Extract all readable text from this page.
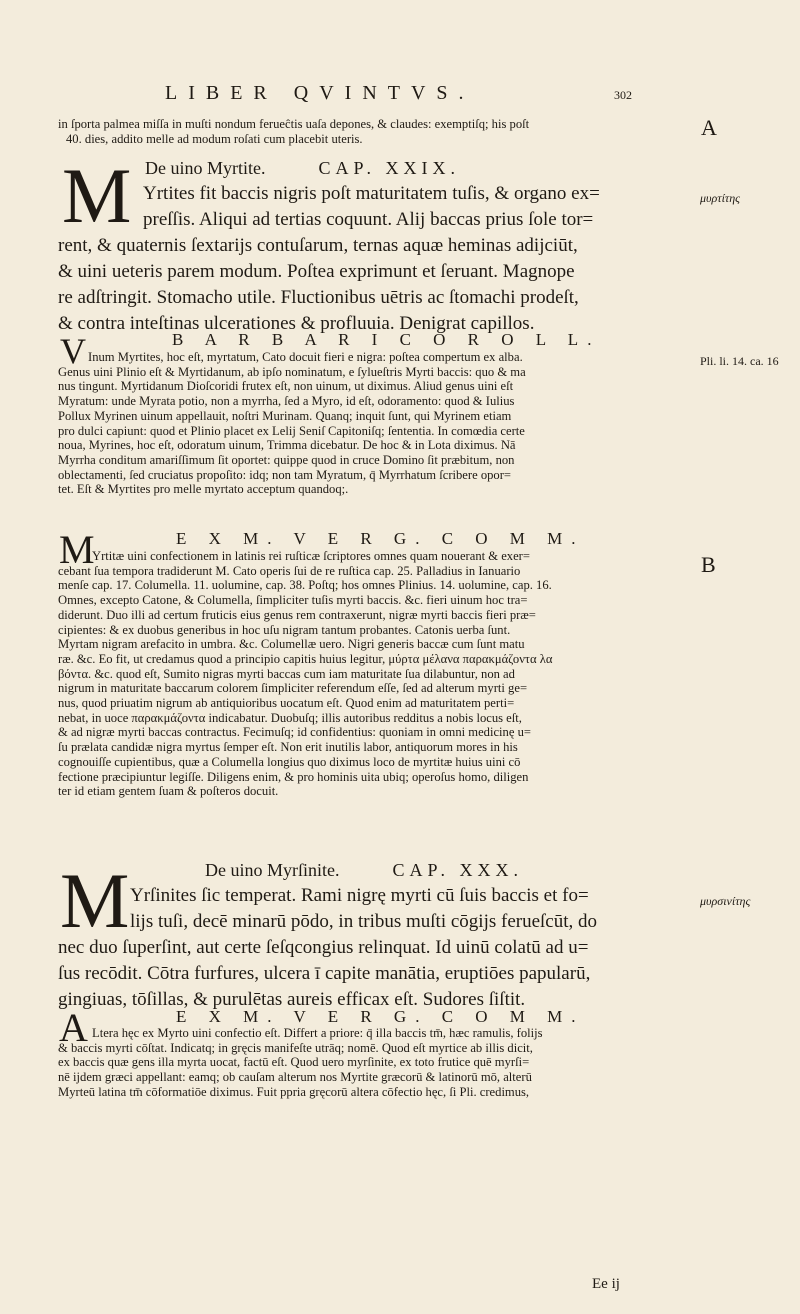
LIBER QVINTVS.	302
in ſporta palmea miſſa in muſti nondum ferueĉtis uaſa depones, & claudes: exemptiſq; his poſt
40. dies, addito melle ad modum roſati cum placebit uteris.
M De uino Myrtite.	CAP. XXIX.
Yrtites fit baccis nigris poſt maturitatem tuſis, & organo ex=
preſſis. Aliqui ad tertias coquunt. Alij baccas prius ſole tor=
rent, & quaternis ſextarijs contuſarum, ternas aquæ heminas adijciūt,
& uini ueteris parem modum. Poſtea exprimunt et ſeruant. Magnope
re adſtringit. Stomacho utile. Fluctionibus uētris ac ſtomachi prodeſt,
& contra inteſtinas ulcerationes & profluuia. Denigrat capillos.
V	B A R B A R I C O R O L L.
Inum Myrtites, hoc eſt, myrtatum, Cato docuit fieri e nigra: poſtea compertum ex alba.
Genus uini Plinio eſt & Myrtidanum, ab ipſo nominatum, e ſylueſtris Myrti baccis: quo & ma
nus tingunt. Myrtidanum Dioſcoridi frutex eſt, non uinum, ut diximus. Aliud genus uini eſt
Myratum: unde Myrata potio, non a myrrha, ſed a Myro, id eſt, odoramento: quod & Iulius
Pollux Myrinen uinum appellauit, noſtri Murinam. Quanq; inquit ſunt, qui Myrinem etiam
pro dulci capiunt: quod et Plinio placet ex Lelij Seniſ Capitoniſq; ſententia. In comœdia certe
noua, Myrines, hoc eſt, odoratum uinum, Trimma dicebatur. De hoc & in Lota diximus. Nā
Myrrha conditum amariſſimum ſit oportet: quippe quod in cruce Domino ſit præbitum, non
oblectamenti, ſed cruciatus propoſito: idq; non tam Myratum, q̄ Myrrhatum ſcribere opor=
tet. Eſt & Myrtites pro melle myrtato acceptum quandoq;.
M	E X M. V E R G. C O M M.
Yrtitæ uini confectionem in latinis rei ruſticæ ſcriptores omnes quam nouerant & exer=
cebant ſua tempora tradiderunt M. Cato operis ſui de re ruſtica cap. 25. Palladius in Ianuario
menſe cap. 17. Columella. 11. uolumine, cap. 38. Poſtq; hos omnes Plinius. 14. uolumine, cap. 16.
Omnes, excepto Catone, & Columella, ſimpliciter tuſis myrti baccis. &c. fieri uinum hoc tra=
diderunt. Duo illi ad certum fruticis eius genus rem contraxerunt, nigræ myrti baccis fieri præ=
cipientes: & ex duobus generibus in hoc uſu nigram tantum probantes. Catonis uerba ſunt.
Myrtam nigram arefacito in umbra. &c. Columellæ uero. Nigri generis baccæ cum ſunt matu
ræ. &c. Eo fit, ut credamus quod a principio capitis huius legitur, μύρτα μέλανα παρακμάζοντα λα
βόντα. &c. quod eſt, Sumito nigras myrti baccas cum iam maturitate ſua dilabuntur, non ad
nigrum in maturitate baccarum colorem ſimpliciter referendum eſſe, ſed ad alterum myrti ge=
nus, quod priuatim nigrum ab antiquioribus uocatum eſt. Quod enim ad maturitatem perti=
nebat, in uoce παρακμάζοντα indicabatur. Duobuſq; illis autoribus redditus a nobis locus eſt,
& ad nigræ myrti baccas contractus. Fecimuſq; id confidentius: quoniam in omni medicinę u=
ſu prælata candidæ nigra myrtus ſemper eſt. Non erit inutilis labor, antiquorum mores in his
cognouiſſe cupientibus, quæ a Columella longius quo diximus loco de myrtitæ huius uini cō
fectione præcipiuntur legiſſe. Diligens enim, & pro hominis uita ubiq; operoſus homo, diligen
ter id etiam gentem ſuam & poſteros docuit.
M	De uino Myrſinite.	CAP. XXX.
Yrſinites ſic temperat. Rami nigrę myrti cū ſuis baccis et fo=
lijs tuſi, decē minarū pōdo, in tribus muſti cōgijs ferueſcūt, do
nec duo ſuperſint, aut certe ſeſqcongius relinquat. Id uinū colatū ad u=
ſus recōdit. Cōtra furfures, ulcera ī capite manātia, eruptiōes papularū,
gingiuas, tōſillas, & purulētas aureis efficax eſt. Sudores ſiſtit.
A	E X M. V E R G. C O M M.
Ltera hęc ex Myrto uini confectio eſt. Differt a priore: q̄ illa baccis tm̄, hæc ramulis, folijs
& baccis myrti cōſtat. Indicatq; in gręcis manifeſte utrāq; nomē. Quod eſt myrtice ab illis dicit,
ex baccis quæ gens illa myrta uocat, factū eſt. Quod uero myrſinite, ex toto frutice quē myrſi=
nē ijdem græci appellant: eamq; ob cauſam alterum nos Myrtite græcorū & latinorū mō, alterū
Myrteū latina tm̄ cōformatiōe diximus. Fuit ppria gręcorū altera cōfectio hęc, ſi Pli. credimus,
A
μυρτίτης
Pli. li. 14. ca. 16
B
μυρσινίτης
Ee ij
